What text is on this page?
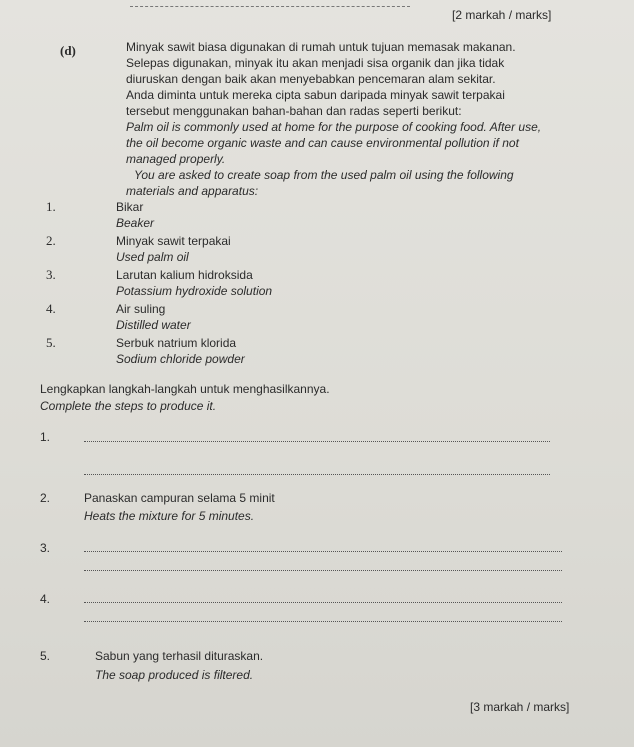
[2 markah / marks]
(d)	Minyak sawit biasa digunakan di rumah untuk tujuan memasak makanan.
Selepas digunakan, minyak itu akan menjadi sisa organik dan jika tidak
diuruskan dengan baik akan menyebabkan pencemaran alam sekitar.
Anda diminta untuk mereka cipta sabun daripada minyak sawit terpakai
tersebut menggunakan bahan-bahan dan radas seperti berikut:
Palm oil is commonly used at home for the purpose of cooking food. After use,
the oil become organic waste and can cause environmental pollution if not
managed properly.
You are asked to create soap from the used palm oil using the following
materials and apparatus:
1.	Bikar
Beaker
2.	Minyak sawit terpakai
Used palm oil
3.	Larutan kalium hidroksida
Potassium hydroxide solution
4.	Air suling
Distilled water
5.	Serbuk natrium klorida
Sodium chloride powder
Lengkapkan langkah-langkah untuk menghasilkannya.
Complete the steps to produce it.
1.
2.	Panaskan campuran selama 5 minit
Heats the mixture for 5 minutes.
3.
4.
5.	Sabun yang terhasil dituraskan.
The soap produced is filtered.
[3 markah / marks]
